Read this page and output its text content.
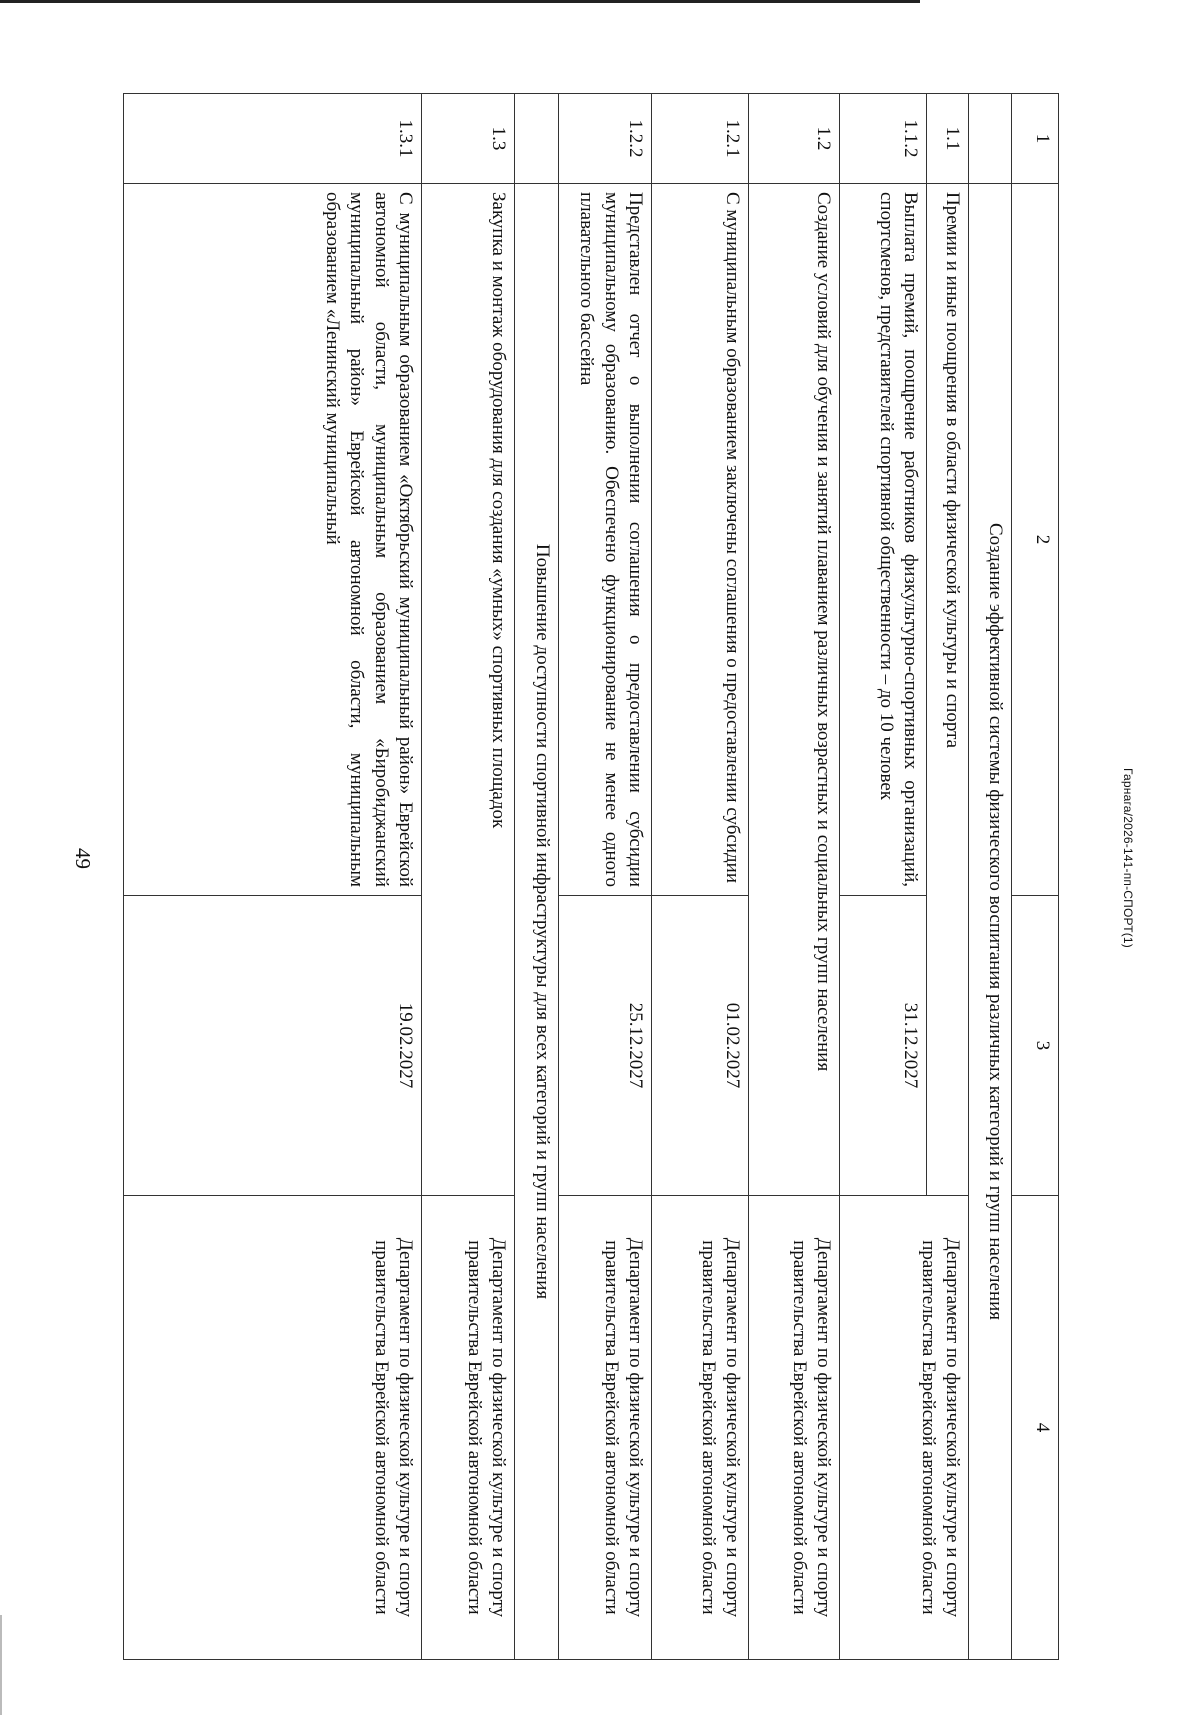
49
1	2	3	4
	Создание эффективной системы физического воспитания различных категорий и групп населения		
1.1	Премии и иные поощрения в области физической культуры и спорта		Департамент по физической культуре и спорту правительства Еврейской автономной области
1.1.2	Выплата премий, поощрение работников физкультурно-спортивных организаций, спортсменов, представителей спортивной общественности – до 10 человек	31.12.2027	
1.2	Создание условий для обучения и занятий плаванием различных возрастных и социальных групп населения		Департамент по физической культуре и спорту правительства Еврейской автономной области
1.2.1	С муниципальным образованием заключены соглашения о предоставлении субсидии	01.02.2027	Департамент по физической культуре и спорту правительства Еврейской автономной области
1.2.2	Представлен отчет о выполнении соглашения о предоставлении субсидии муниципальному образованию. Обеспечено функционирование не менее одного плавательного бассейна	25.12.2027	Департамент по физической культуре и спорту правительства Еврейской автономной области
	Повышение доступности спортивной инфраструктуры для всех категорий и групп населения		
1.3	Закупка и монтаж оборудования для создания «умных» спортивных площадок		Департамент по физической культуре и спорту правительства Еврейской автономной области
1.3.1	С муниципальным образованием «Октябрьский муниципальный район» Еврейской автономной области, муниципальным образованием «Биробиджанский муниципальный район» Еврейской автономной области, муниципальным образованием «Ленинский муниципальный	19.02.2027	Департамент по физической культуре и спорту правительства Еврейской автономной области
Гарнага/2026-141-пп-СПОРТ(1)
